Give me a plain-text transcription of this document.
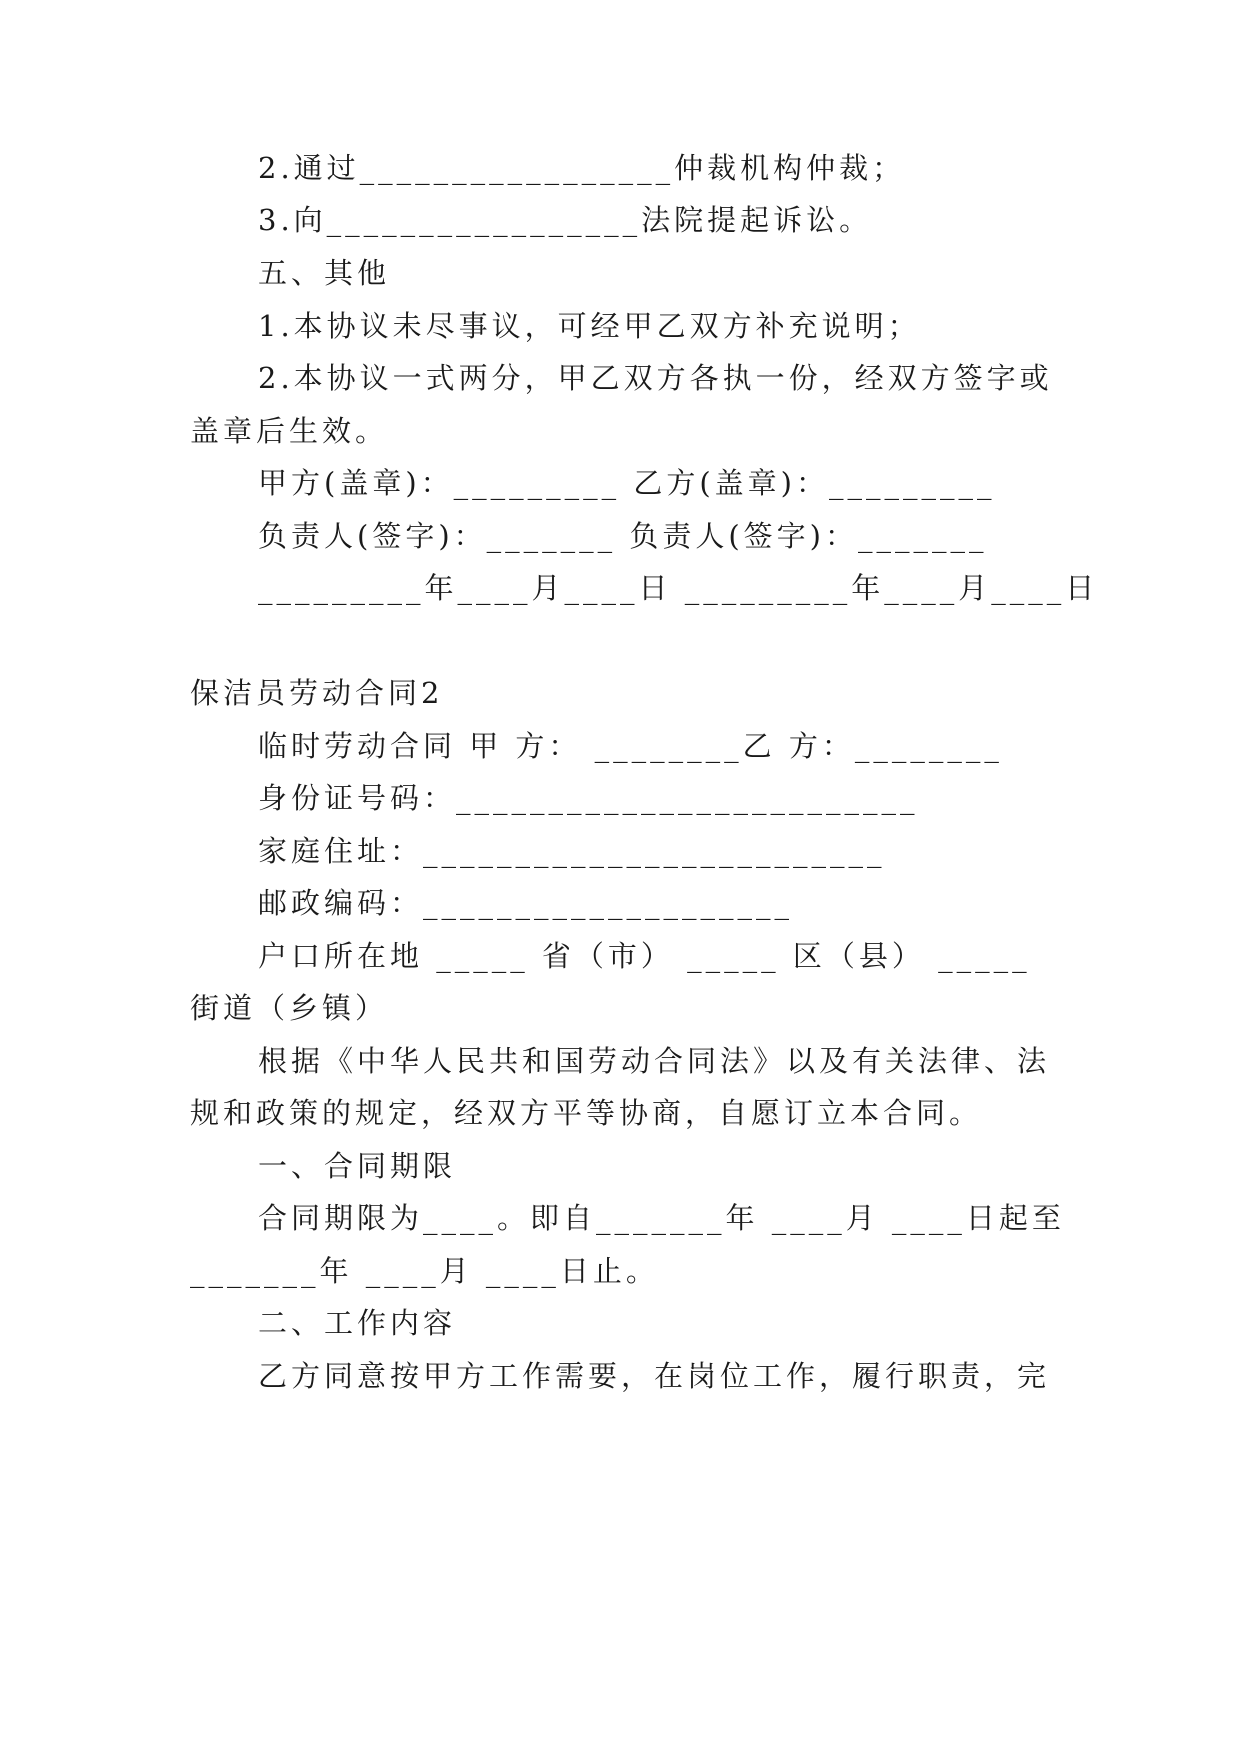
2.通过_________________仲裁机构仲裁；
3.向_________________法院提起诉讼。
五、其他
1.本协议未尽事议，可经甲乙双方补充说明；
2.本协议一式两分，甲乙双方各执一份，经双方签字或
盖章后生效。
甲方(盖章)：_________ 乙方(盖章)：_________
负责人(签字)：_______ 负责人(签字)：_______
_________年____月____日 _________年____月____日
保洁员劳动合同2
临时劳动合同 甲 方： ________乙 方：________
身份证号码：_________________________
家庭住址：_________________________
邮政编码：____________________
户口所在地 _____ 省（市） _____ 区（县） _____
街道（乡镇）
根据《中华人民共和国劳动合同法》以及有关法律、法
规和政策的规定，经双方平等协商，自愿订立本合同。
一、合同期限
合同期限为____。即自_______年 ____月 ____日起至
_______年 ____月 ____日止。
二、工作内容
乙方同意按甲方工作需要，在岗位工作，履行职责，完
